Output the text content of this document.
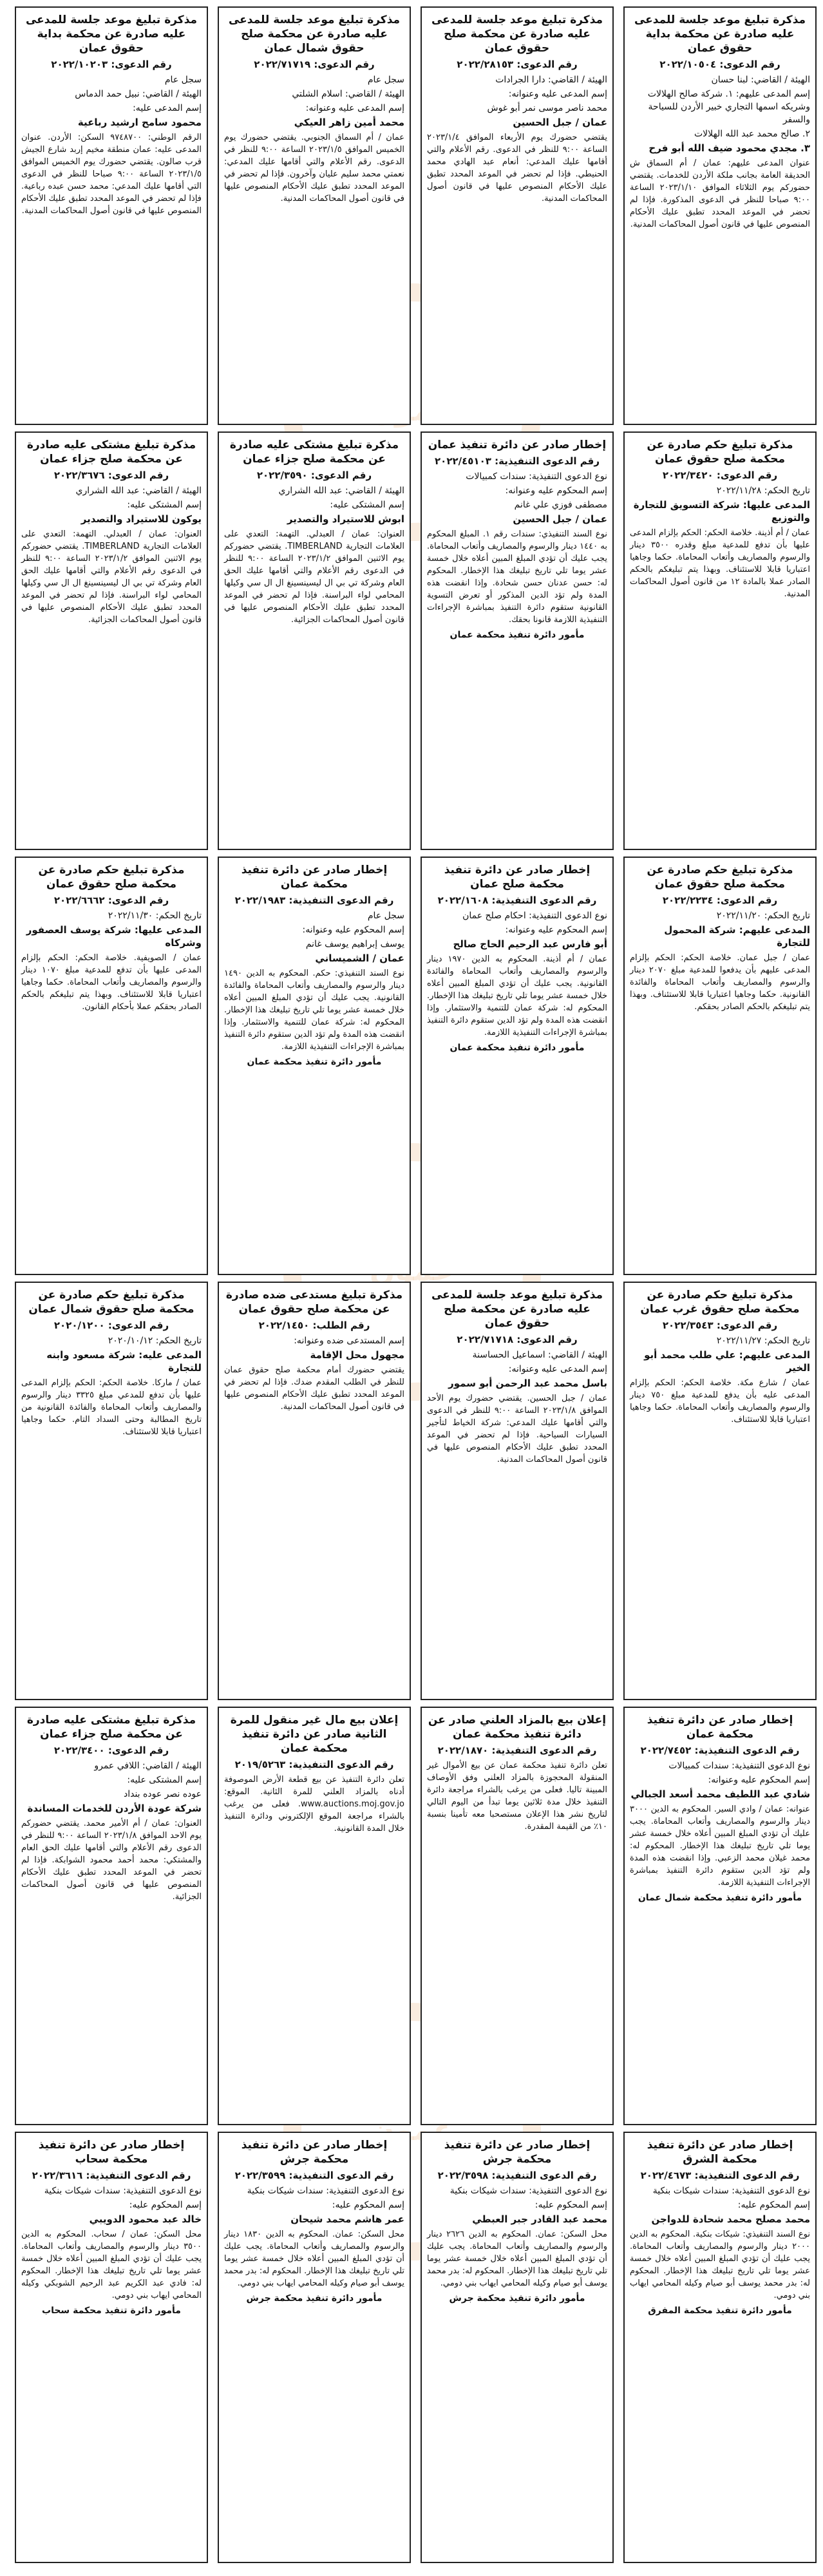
عمون
عمون
عمون
مذكرة تبليغ موعد جلسة للمدعى عليه صادرة عن محكمة بداية حقوق عمان
رقم الدعوى: ٢٠٢٢/١٠٥٠٤
الهيئة / القاضي: لبنا حسان
إسم المدعى عليهم: ١. شركة صالح الهلالات وشريكه اسمها التجاري خبير الأردن للسياحة والسفر
٢. صالح محمد عبد الله الهلالات
٣. مجدي محمود ضيف الله أبو فرح
عنوان المدعى عليهم: عمان / أم السماق ش الحديقة العامة بجانب ملكة الأردن للخدمات. يقتضي حضوركم يوم الثلاثاء الموافق ٢٠٢٣/١/١٠ الساعة ٩:٠٠ صباحا للنظر في الدعوى المذكورة. فإذا لم تحضر في الموعد المحدد تطبق عليك الأحكام المنصوص عليها في قانون أصول المحاكمات المدنية.
مذكرة تبليغ موعد جلسة للمدعى عليه صادرة عن محكمة صلح حقوق عمان
رقم الدعوى: ٢٠٢٢/٢٨١٥٣
الهيئة / القاضي: دارا الجرادات
إسم المدعى عليه وعنوانه:
محمد ناصر موسى نمر أبو غوش
عمان / جبل الحسين
يقتضي حضورك يوم الأربعاء الموافق ٢٠٢٣/١/٤ الساعة ٩:٠٠ للنظر في الدعوى. رقم الأعلام والتي أقامها عليك المدعي: أنعام عبد الهادي محمد الحنيطي. فإذا لم تحضر في الموعد المحدد تطبق عليك الأحكام المنصوص عليها في قانون أصول المحاكمات المدنية.
مذكرة تبليغ موعد جلسة للمدعى عليه صادرة عن محكمة صلح حقوق شمال عمان
رقم الدعوى: ٢٠٢٢/٧١٧١٩
سجل عام
الهيئة / القاضي: اسلام الشلتي
إسم المدعى عليه وعنوانه:
محمد أمين زاهر العيكي
عمان / أم السماق الجنوبي. يقتضي حضورك يوم الخميس الموافق ٢٠٢٣/١/٥ الساعة ٩:٠٠ للنظر في الدعوى. رقم الأعلام والتي أقامها عليك المدعي: نعمتي محمد سليم عليان وآخرون. فإذا لم تحضر في الموعد المحدد تطبق عليك الأحكام المنصوص عليها في قانون أصول المحاكمات المدنية.
مذكرة تبليغ موعد جلسة للمدعى عليه صادرة عن محكمة بداية حقوق عمان
رقم الدعوى: ٢٠٢٢/١٠٢٠٣
سجل عام
الهيئة / القاضي: نبيل حمد الدماس
إسم المدعى عليه:
محمود سامح ارشيد رباعية
الرقم الوطني: ٩٧٤٨٧٠٠ السكن: الأردن. عنوان المدعى عليه: عمان منطقة مخيم إربد شارع الجيش قرب صالون. يقتضي حضورك يوم الخميس الموافق ٢٠٢٣/١/٥ الساعة ٩:٠٠ صباحا للنظر في الدعوى التي أقامها عليك المدعي: محمد حسن عبده رباعية. فإذا لم تحضر في الموعد المحدد تطبق عليك الأحكام المنصوص عليها في قانون أصول المحاكمات المدنية.
مذكرة تبليغ حكم صادرة عن محكمة صلح حقوق عمان
رقم الدعوى: ٢٠٢٢/٣٤٢٠
تاريخ الحكم: ٢٠٢٢/١١/٢٨
المدعى عليها: شركة التسويق للتجارة والتوزيع
عمان / أم أذينة. خلاصة الحكم: الحكم بإلزام المدعى عليها بأن تدفع للمدعية مبلغ وقدره ٣٥٠٠ دينار والرسوم والمصاريف وأتعاب المحاماة. حكما وجاهيا اعتباريا قابلا للاستئناف. وبهذا يتم تبليغكم بالحكم الصادر عملا بالمادة ١٢ من قانون أصول المحاكمات المدنية.
إخطار صادر عن دائرة تنفيذ عمان
رقم الدعوى التنفيذية: ٢٠٢٢/٤٥١٠٣
نوع الدعوى التنفيذية: سندات كمبيالات
إسم المحكوم عليه وعنوانه:
مصطفى فوزي علي غانم
عمان / جبل الحسين
نوع السند التنفيذي: سندات رقم ١. المبلغ المحكوم به ١٤٤٠ دينار والرسوم والمصاريف وأتعاب المحاماة. يجب عليك أن تؤدي المبلغ المبين أعلاه خلال خمسة عشر يوما تلي تاريخ تبليغك هذا الإخطار. المحكوم له: حسن عدنان حسن شحادة. وإذا انقضت هذه المدة ولم تؤد الدين المذكور أو تعرض التسوية القانونية ستقوم دائرة التنفيذ بمباشرة الإجراءات التنفيذية اللازمة قانونا بحقك.
مأمور دائرة تنفيذ محكمة عمان
مذكرة تبليغ مشتكى عليه صادرة عن محكمة صلح جزاء عمان
رقم الدعوى: ٢٠٢٢/٣٥٩٠
الهيئة / القاضي: عبد الله الشراري
إسم المشتكى عليه:
ابوش للاستيراد والتصدير
العنوان: عمان / العبدلي. التهمة: التعدي على العلامات التجارية TIMBERLAND. يقتضي حضوركم يوم الاثنين الموافق ٢٠٢٣/١/٢ الساعة ٩:٠٠ للنظر في الدعوى رقم الأعلام والتي أقامها عليك الحق العام وشركة تي بي ال ليسينسينغ ال ال سي وكيلها المحامي لواء البراسنة. فإذا لم تحضر في الموعد المحدد تطبق عليك الأحكام المنصوص عليها في قانون أصول المحاكمات الجزائية.
مذكرة تبليغ مشتكى عليه صادرة عن محكمة صلح جزاء عمان
رقم الدعوى: ٢٠٢٢/٣٦٧٦
الهيئة / القاضي: عبد الله الشراري
إسم المشتكى عليه:
يوكون للاستيراد والتصدير
العنوان: عمان / العبدلي. التهمة: التعدي على العلامات التجارية TIMBERLAND. يقتضي حضوركم يوم الاثنين الموافق ٢٠٢٣/١/٢ الساعة ٩:٠٠ للنظر في الدعوى رقم الأعلام والتي أقامها عليك الحق العام وشركة تي بي ال ليسينسينغ ال ال سي وكيلها المحامي لواء البراسنة. فإذا لم تحضر في الموعد المحدد تطبق عليك الأحكام المنصوص عليها في قانون أصول المحاكمات الجزائية.
مذكرة تبليغ حكم صادرة عن محكمة صلح حقوق عمان
رقم الدعوى: ٢٠٢٢/٢٢٣٤
تاريخ الحكم: ٢٠٢٢/١١/٢٠
المدعى عليهم: شركة المحمول للتجارة
عمان / جبل عمان. خلاصة الحكم: الحكم بإلزام المدعى عليهم بأن يدفعوا للمدعية مبلغ ٢٠٧٠ دينار والرسوم والمصاريف وأتعاب المحاماة والفائدة القانونية. حكما وجاهيا اعتباريا قابلا للاستئناف. وبهذا يتم تبليغكم بالحكم الصادر بحقكم.
إخطار صادر عن دائرة تنفيذ محكمة صلح عمان
رقم الدعوى التنفيذية: ٢٠٢٢/١٦٠٨
نوع الدعوى التنفيذية: احكام صلح عمان
إسم المحكوم عليه وعنوانه:
أبو فارس عبد الرحيم الحاج صالح
عمان / أم أذينة. المحكوم به الدين ١٩٧٠ دينار والرسوم والمصاريف وأتعاب المحاماة والفائدة القانونية. يجب عليك أن تؤدي المبلغ المبين أعلاه خلال خمسة عشر يوما تلي تاريخ تبليغك هذا الإخطار. المحكوم له: شركة عمان للتنمية والاستثمار. وإذا انقضت هذه المدة ولم تؤد الدين ستقوم دائرة التنفيذ بمباشرة الإجراءات التنفيذية اللازمة.
مأمور دائرة تنفيذ محكمة عمان
إخطار صادر عن دائرة تنفيذ محكمة عمان
رقم الدعوى التنفيذية: ٢٠٢٢/١٩٨٣
سجل عام
إسم المحكوم عليه وعنوانه:
يوسف إبراهيم يوسف غانم
عمان / الشميساني
نوع السند التنفيذي: حكم. المحكوم به الدين ١٤٩٠ دينار والرسوم والمصاريف وأتعاب المحاماة والفائدة القانونية. يجب عليك أن تؤدي المبلغ المبين أعلاه خلال خمسة عشر يوما تلي تاريخ تبليغك هذا الإخطار. المحكوم له: شركة عمان للتنمية والاستثمار. وإذا انقضت هذه المدة ولم تؤد الدين ستقوم دائرة التنفيذ بمباشرة الإجراءات التنفيذية اللازمة.
مأمور دائرة تنفيذ محكمة عمان
مذكرة تبليغ حكم صادرة عن محكمة صلح حقوق عمان
رقم الدعوى: ٢٠٢٢/٦٦٦٢
تاريخ الحكم: ٢٠٢٢/١١/٣٠
المدعى عليها: شركة يوسف العصفور وشركاه
عمان / الصويفية. خلاصة الحكم: الحكم بإلزام المدعى عليها بأن تدفع للمدعية مبلغ ١٠٧٠ دينار والرسوم والمصاريف وأتعاب المحاماة. حكما وجاهيا اعتباريا قابلا للاستئناف. وبهذا يتم تبليغكم بالحكم الصادر بحقكم عملا بأحكام القانون.
مذكرة تبليغ حكم صادرة عن محكمة صلح حقوق غرب عمان
رقم الدعوى: ٢٠٢٢/٣٥٤٣
تاريخ الحكم: ٢٠٢٢/١١/٢٧
المدعى عليهم: علي طلب محمد أبو الخير
عمان / شارع مكة. خلاصة الحكم: الحكم بإلزام المدعى عليه بأن يدفع للمدعية مبلغ ٧٥٠ دينار والرسوم والمصاريف وأتعاب المحاماة. حكما وجاهيا اعتباريا قابلا للاستئناف.
مذكرة تبليغ موعد جلسة للمدعى عليه صادرة عن محكمة صلح حقوق عمان
رقم الدعوى: ٢٠٢٢/٧١٧١٨
الهيئة / القاضي: اسماعيل الحساسنة
إسم المدعى عليه وعنوانه:
باسل محمد عبد الرحمن أبو سمور
عمان / جبل الحسين. يقتضي حضورك يوم الأحد الموافق ٢٠٢٣/١/٨ الساعة ٩:٠٠ للنظر في الدعوى والتي أقامها عليك المدعي: شركة الخياط لتأجير السيارات السياحية. فإذا لم تحضر في الموعد المحدد تطبق عليك الأحكام المنصوص عليها في قانون أصول المحاكمات المدنية.
مذكرة تبليغ مستدعى ضده صادرة عن محكمة صلح حقوق عمان
رقم الطلب: ٢٠٢٢/١٤٥٠
إسم المستدعى ضده وعنوانه:
مجهول محل الإقامة
يقتضي حضورك أمام محكمة صلح حقوق عمان للنظر في الطلب المقدم ضدك. فإذا لم تحضر في الموعد المحدد تطبق عليك الأحكام المنصوص عليها في قانون أصول المحاكمات المدنية.
مذكرة تبليغ حكم صادرة عن محكمة صلح حقوق شمال عمان
رقم الدعوى: ٢٠٢٠/١٢٠٠
تاريخ الحكم: ٢٠٢٠/١٠/١٢
المدعى عليه: شركة مسعود وابنه للتجارة
عمان / ماركا. خلاصة الحكم: الحكم بإلزام المدعى عليها بأن تدفع للمدعي مبلغ ٣٣٢٥ دينار والرسوم والمصاريف وأتعاب المحاماة والفائدة القانونية من تاريخ المطالبة وحتى السداد التام. حكما وجاهيا اعتباريا قابلا للاستئناف.
إخطار صادر عن دائرة تنفيذ محكمة عمان
رقم الدعوى التنفيذية: ٢٠٢٢/٧٤٥٢
نوع الدعوى التنفيذية: سندات كمبيالات
إسم المحكوم عليه وعنوانه:
شادي عبد اللطيف محمد أسعد الجبالي
عنوانه: عمان / وادي السير. المحكوم به الدين ٣٠٠٠ دينار والرسوم والمصاريف وأتعاب المحاماة. يجب عليك أن تؤدي المبلغ المبين أعلاه خلال خمسة عشر يوما تلي تاريخ تبليغك هذا الإخطار. المحكوم له: محمد غيلان محمد الزعبي. وإذا انقضت هذه المدة ولم تؤد الدين ستقوم دائرة التنفيذ بمباشرة الإجراءات التنفيذية اللازمة.
مأمور دائرة تنفيذ محكمة شمال عمان
إعلان بيع بالمزاد العلني صادر عن دائرة تنفيذ محكمة عمان
رقم الدعوى التنفيذية: ٢٠٢٢/١٨٧٠
تعلن دائرة تنفيذ محكمة عمان عن بيع الأموال غير المنقولة المحجوزة بالمزاد العلني وفق الأوصاف المبينة تاليا. فعلى من يرغب بالشراء مراجعة دائرة التنفيذ خلال مدة ثلاثين يوما تبدأ من اليوم التالي لتاريخ نشر هذا الإعلان مستصحبا معه تأمينا بنسبة ١٠٪ من القيمة المقدرة.
إعلان بيع مال غير منقول للمرة الثانية صادر عن دائرة تنفيذ محكمة عمان
رقم الدعوى التنفيذية: ٢٠١٩/٥٢٦٣
تعلن دائرة التنفيذ عن بيع قطعة الأرض الموصوفة أدناه بالمزاد العلني للمرة الثانية. الموقع: www.auctions.moj.gov.jo. فعلى من يرغب بالشراء مراجعة الموقع الإلكتروني ودائرة التنفيذ خلال المدة القانونية.
مذكرة تبليغ مشتكى عليه صادرة عن محكمة صلح جزاء عمان
رقم الدعوى: ٢٠٢٢/٣٤٠٠
الهيئة / القاضي: اللافي عمرو
إسم المشتكى عليه:
عوده نصر عوده بنداد
شركة عودة الأردن للخدمات المساندة
العنوان: عمان / أم الأمير محمد. يقتضي حضوركم يوم الاحد الموافق ٢٠٢٣/١/٨ الساعة ٩:٠٠ للنظر في الدعوى رقم الأعلام والتي أقامها عليك الحق العام والمشتكي: محمد أحمد محمود الشوابكة. فإذا لم تحضر في الموعد المحدد تطبق عليك الأحكام المنصوص عليها في قانون أصول المحاكمات الجزائية.
إخطار صادر عن دائرة تنفيذ محكمة الشرق
رقم الدعوى التنفيذية: ٢٠٢٢/٤٦٧٣
نوع الدعوى التنفيذية: سندات شيكات بنكية
إسم المحكوم عليه:
محمد مصلح محمد شحادة للدواجن
نوع السند التنفيذي: شيكات بنكية. المحكوم به الدين ٢٠٠٠ دينار والرسوم والمصاريف وأتعاب المحاماة. يجب عليك أن تؤدي المبلغ المبين أعلاه خلال خمسة عشر يوما تلي تاريخ تبليغك هذا الإخطار. المحكوم له: بدر محمد يوسف أبو صيام وكيله المحامي ايهاب بني دومي.
مأمور دائرة تنفيذ محكمة المفرق
إخطار صادر عن دائرة تنفيذ محكمة جرش
رقم الدعوى التنفيذية: ٢٠٢٢/٣٥٩٨
نوع الدعوى التنفيذية: سندات شيكات بنكية
إسم المحكوم عليه:
محمد عبد القادر جبر العبطي
محل السكن: عمان. المحكوم به الدين ٢٦٢٦ دينار والرسوم والمصاريف وأتعاب المحاماة. يجب عليك أن تؤدي المبلغ المبين أعلاه خلال خمسة عشر يوما تلي تاريخ تبليغك هذا الإخطار. المحكوم له: بدر محمد يوسف أبو صيام وكيله المحامي ايهاب بني دومي.
مأمور دائرة تنفيذ محكمة جرش
إخطار صادر عن دائرة تنفيذ محكمة جرش
رقم الدعوى التنفيذية: ٢٠٢٢/٣٥٩٩
نوع الدعوى التنفيذية: سندات شيكات بنكية
إسم المحكوم عليه:
عمر هاشم محمد شيحان
محل السكن: عمان. المحكوم به الدين ١٨٣٠ دينار والرسوم والمصاريف وأتعاب المحاماة. يجب عليك أن تؤدي المبلغ المبين أعلاه خلال خمسة عشر يوما تلي تاريخ تبليغك هذا الإخطار. المحكوم له: بدر محمد يوسف أبو صيام وكيله المحامي ايهاب بني دومي.
مأمور دائرة تنفيذ محكمة جرش
إخطار صادر عن دائرة تنفيذ محكمة سحاب
رقم الدعوى التنفيذية: ٢٠٢٢/٣٦١٦
نوع الدعوى التنفيذية: سندات شيكات بنكية
إسم المحكوم عليه:
خالد عبد محمود الدويبي
محل السكن: عمان / سحاب. المحكوم به الدين ٣٥٠٠ دينار والرسوم والمصاريف وأتعاب المحاماة. يجب عليك أن تؤدي المبلغ المبين أعلاه خلال خمسة عشر يوما تلي تاريخ تبليغك هذا الإخطار. المحكوم له: فادي عبد الكريم عبد الرحيم الشوبكي وكيله المحامي ايهاب بني دومي.
مأمور دائرة تنفيذ محكمة سحاب
